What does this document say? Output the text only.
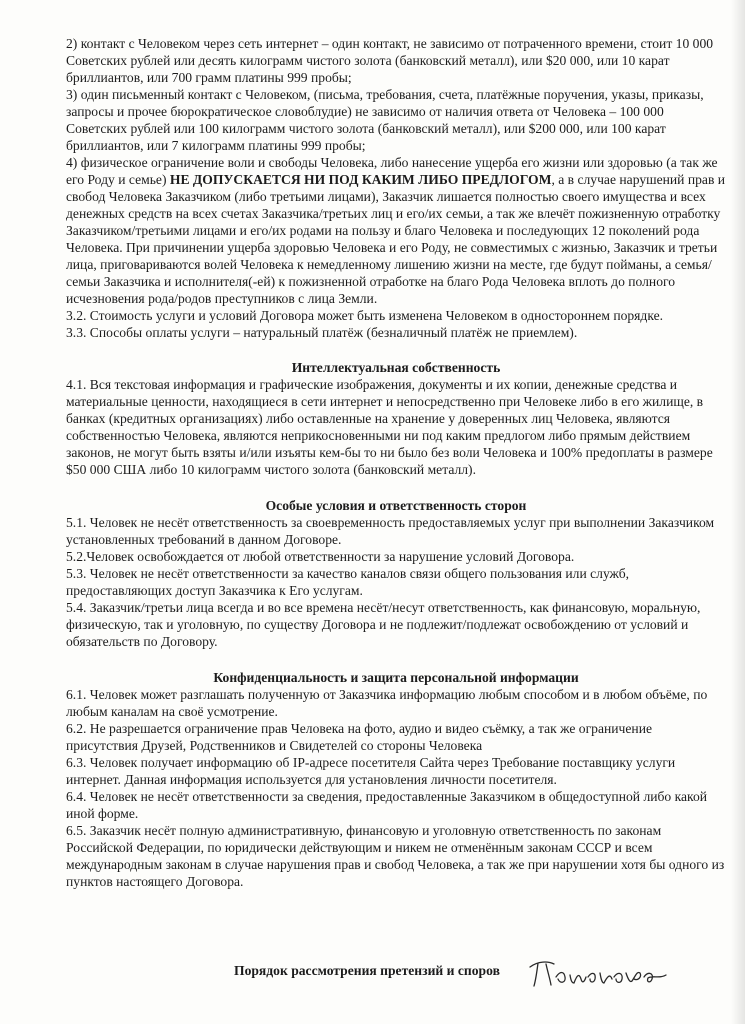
2) контакт с Человеком через сеть интернет – один контакт, не зависимо от потраченного времени, стоит 10 000 Советских рублей или десять килограмм чистого золота (банковский металл), или $20 000, или 10 карат бриллиантов, или 700 грамм платины 999 пробы;

3) один письменный контакт с Человеком, (письма, требования, счета, платёжные поручения, указы, приказы, запросы и прочее бюрократическое словоблудие) не зависимо от наличия ответа от Человека – 100 000 Советских рублей или 100 килограмм чистого золота (банковский металл), или $200 000, или 100 карат бриллиантов, или 7 килограмм платины 999 пробы;

4) физическое ограничение воли и свободы Человека, либо нанесение ущерба его жизни или здоровью (а так же его Роду и семье) НЕ ДОПУСКАЕТСЯ НИ ПОД КАКИМ ЛИБО ПРЕДЛОГОМ, а в случае нарушений прав и свобод Человека Заказчиком (либо третьими лицами), Заказчик лишается полностью своего имущества и всех денежных средств на всех счетах Заказчика/третьих лиц и его/их семьи, а так же влечёт пожизненную отработку Заказчиком/третьими лицами и его/их родами на пользу и благо Человека и последующих 12 поколений рода Человека. При причинении ущерба здоровью Человека и его Роду, не совместимых с жизнью, Заказчик и третьи лица, приговариваются волей Человека к немедленному лишению жизни на месте, где будут пойманы, а семья/семьи Заказчика и исполнителя(-ей) к пожизненной отработке на благо Рода Человека вплоть до полного исчезновения рода/родов преступников с лица Земли.

3.2. Стоимость услуги и условий Договора может быть изменена Человеком в одностороннем порядке.

3.3. Способы оплаты услуги – натуральный платёж (безналичный платёж не приемлем).

Интеллектуальная собственность

4.1. Вся текстовая информация и графические изображения, документы и их копии, денежные средства и материальные ценности, находящиеся в сети интернет и непосредственно при Человеке либо в его жилище, в банках (кредитных организациях) либо оставленные на хранение у доверенных лиц Человека, являются собственностью Человека, являются неприкосновенными ни под каким предлогом либо прямым действием законов, не могут быть взяты и/или изъяты кем-бы то ни было без воли Человека и 100% предоплаты в размере $50 000 США либо 10 килограмм чистого золота (банковский металл).

Особые условия и ответственность сторон

5.1. Человек не несёт ответственность за своевременность предоставляемых услуг при выполнении Заказчиком установленных требований в данном Договоре.

5.2.Человек освобождается от любой ответственности за нарушение условий Договора.

5.3. Человек не несёт ответственности за качество каналов связи общего пользования или служб, предоставляющих доступ Заказчика к Его услугам.

5.4. Заказчик/третьи лица всегда и во все времена несёт/несут ответственность, как финансовую, моральную, физическую, так и уголовную, по существу Договора и не подлежит/подлежат освобождению от условий и обязательств по Договору.

Конфиденциальность и защита персональной информации

6.1. Человек может разглашать полученную от Заказчика информацию любым способом и в любом объёме, по любым каналам на своё усмотрение.

6.2. Не разрешается ограничение прав Человека на фото, аудио и видео съёмку, а так же ограничение присутствия Друзей, Родственников и Свидетелей со стороны Человека

6.3. Человек получает информацию об IP-адресе посетителя Сайта через Требование поставщику услуги интернет. Данная информация используется для установления личности посетителя.

6.4. Человек не несёт ответственности за сведения, предоставленные Заказчиком в общедоступной либо какой иной форме.

6.5. Заказчик несёт полную административную, финансовую и уголовную ответственность по законам Российской Федерации, по юридически действующим и никем не отменённым законам СССР и всем международным законам в случае нарушения прав и свобод Человека, а так же при нарушении хотя бы одного из пунктов настоящего Договора.

Порядок рассмотрения претензий и споров
